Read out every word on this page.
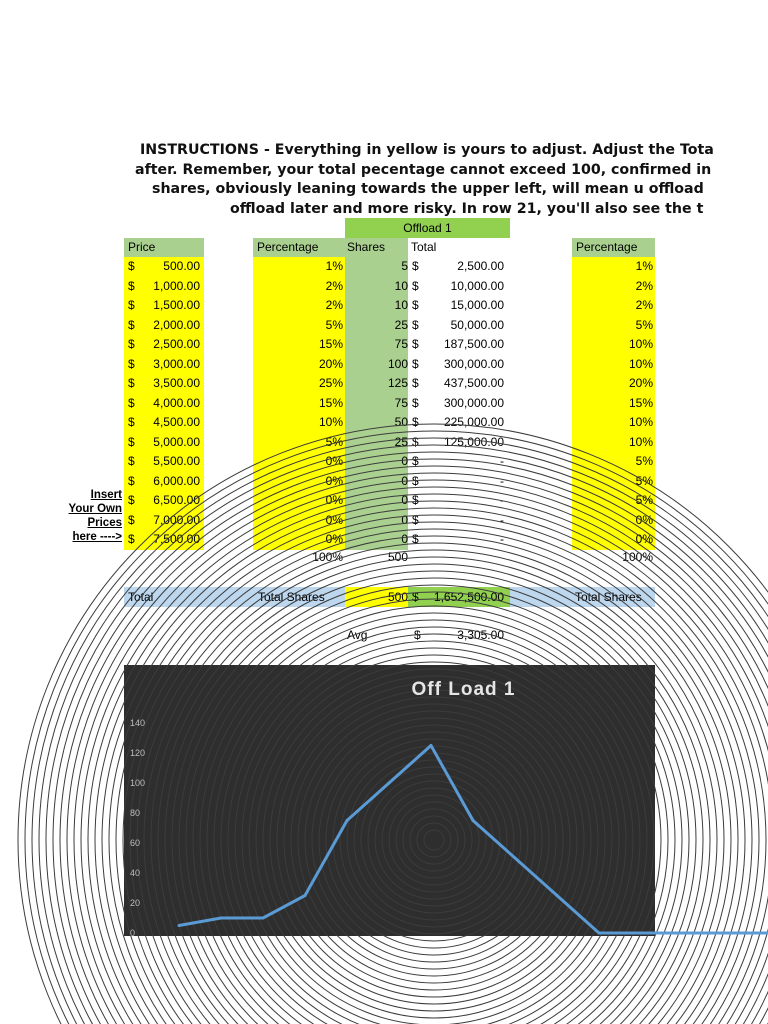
INSTRUCTIONS - Everything in yellow is yours to adjust. Adjust the Tota
after. Remember, your total pecentage cannot exceed 100, confirmed in
shares, obviously leaning towards the upper left, will mean u offload
offload later and more risky. In row 21, you'll also see the t
Offload 1
Price	Percentage	Shares	Total	Percentage
$	500.00	1%	5 $	2,500.00	1%
$	1,000.00	2%	10 $	10,000.00	2%
$	1,500.00	2%	10 $	15,000.00	2%
$	2,000.00	5%	25 $	50,000.00	5%
$	2,500.00	15%	75 $	187,500.00	10%
$	3,000.00	20%	100 $	300,000.00	10%
$	3,500.00	25%	125 $	437,500.00	20%
$	4,000.00	15%	75 $	300,000.00	15%
$	4,500.00	10%	50 $	225,000.00	10%
$	5,000.00	5%	25 $	125,000.00	10%
$	5,500.00	0%	0 $	-	5%
$	6,000.00	0%	0 $	-	5%
$	6,500.00	0%	0 $	-	5%
$	7,000.00	0%	0 $	-	0%
$	7,500.00	0%	0 $	-	0%
Insert
Your Own
Prices
here ---->
100%	500	100%
Total	Total Shares	500 $ 1,652,500.00	Total Shares
Avg	$	3,305.00
140
120
100
80
60
40
20
0
Off Load 1
